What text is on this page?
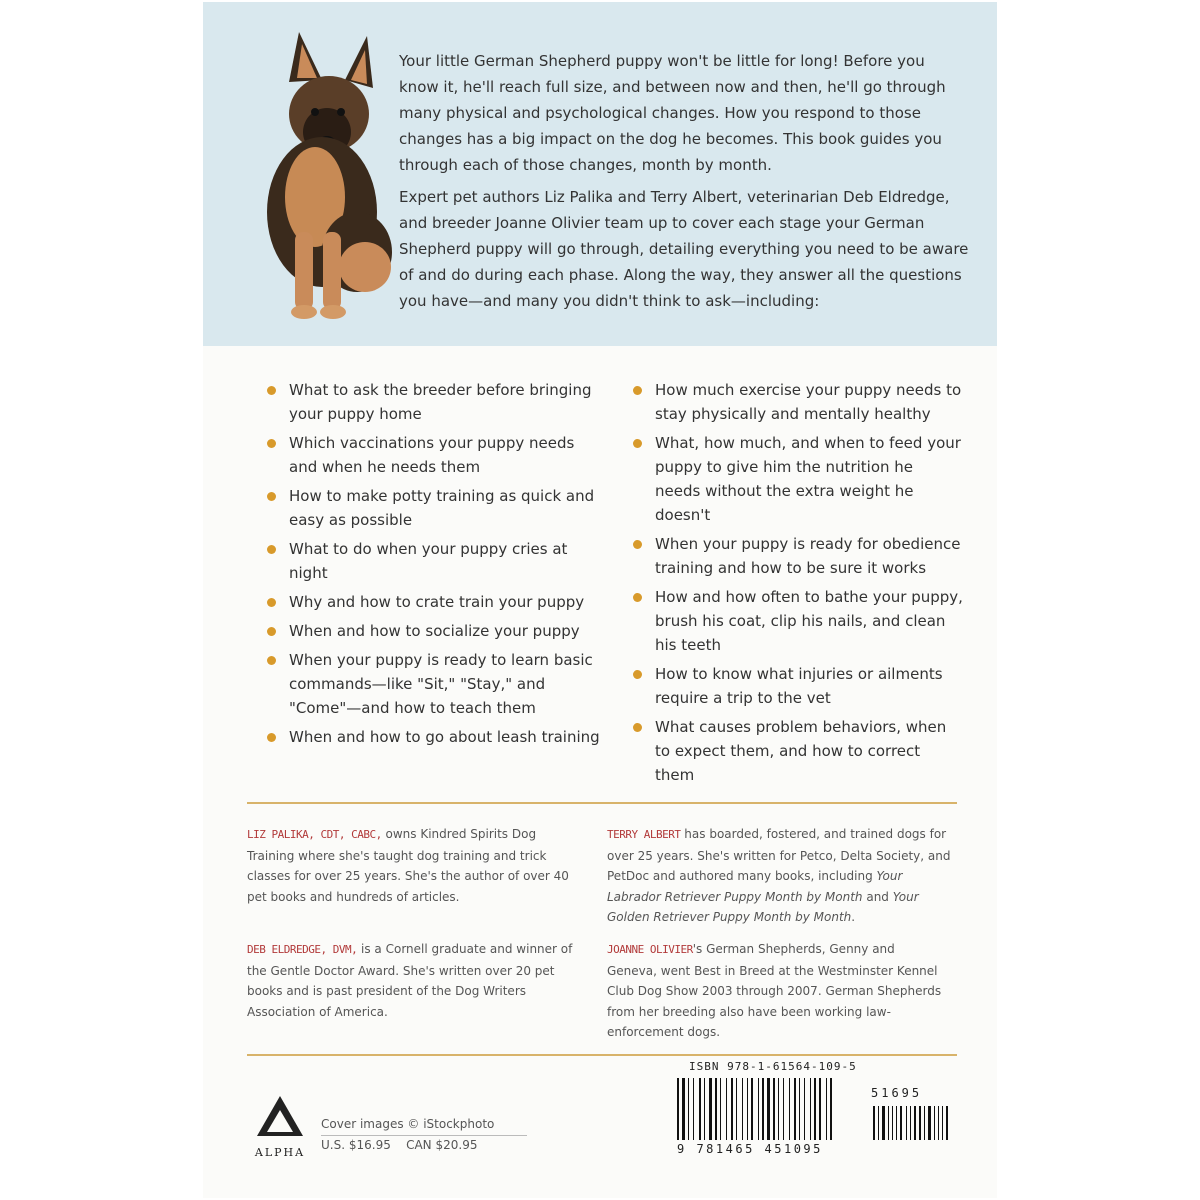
Your little German Shepherd puppy won't be little for long! Before you know it, he'll reach full size, and between now and then, he'll go through many physical and psychological changes. How you respond to those changes has a big impact on the dog he becomes. This book guides you through each of those changes, month by month.

Expert pet authors Liz Palika and Terry Albert, veterinarian Deb Eldredge, and breeder Joanne Olivier team up to cover each stage your German Shepherd puppy will go through, detailing everything you need to be aware of and do during each phase. Along the way, they answer all the questions you have—and many you didn't think to ask—including:

What to ask the breeder before bringing your puppy home
Which vaccinations your puppy needs and when he needs them
How to make potty training as quick and easy as possible
What to do when your puppy cries at night
Why and how to crate train your puppy
When and how to socialize your puppy
When your puppy is ready to learn basic commands—like "Sit," "Stay," and "Come"—and how to teach them
When and how to go about leash training
How much exercise your puppy needs to stay physically and mentally healthy
What, how much, and when to feed your puppy to give him the nutrition he needs without the extra weight he doesn't
When your puppy is ready for obedience training and how to be sure it works
How and how often to bathe your puppy, brush his coat, clip his nails, and clean his teeth
How to know what injuries or ailments require a trip to the vet
What causes problem behaviors, when to expect them, and how to correct them
LIZ PALIKA, CDT, CABC, owns Kindred Spirits Dog Training where she's taught dog training and trick classes for over 25 years. She's the author of over 40 pet books and hundreds of articles.
TERRY ALBERT has boarded, fostered, and trained dogs for over 25 years. She's written for Petco, Delta Society, and PetDoc and authored many books, including Your Labrador Retriever Puppy Month by Month and Your Golden Retriever Puppy Month by Month.
DEB ELDREDGE, DVM, is a Cornell graduate and winner of the Gentle Doctor Award. She's written over 20 pet books and is past president of the Dog Writers Association of America.
JOANNE OLIVIER's German Shepherds, Genny and Geneva, went Best in Breed at the Westminster Kennel Club Dog Show 2003 through 2007. German Shepherds from her breeding also have been working law-enforcement dogs.
ALPHA
Cover images © iStockphoto
U.S. $16.95    CAN $20.95
ISBN 978-1-61564-109-5
51695
9 781465 451095
